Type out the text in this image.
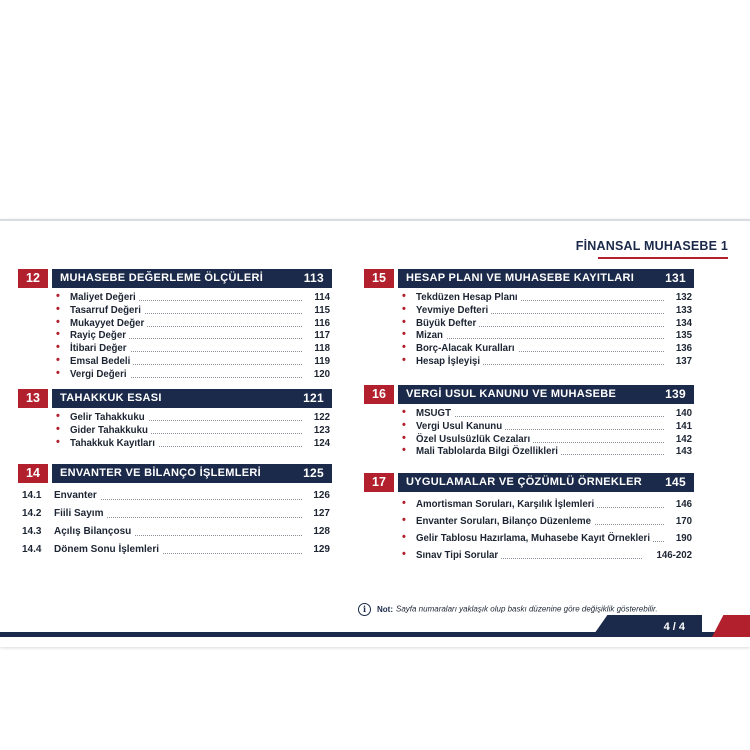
FİNANSAL MUHASEBE 1
12	MUHASEBE DEĞERLEME ÖLÇÜLERİ	113
• Maliyet Değeri	114
• Tasarruf Değeri	115
• Mukayyet Değer	116
• Rayiç Değer	117
• İtibari Değer	118
• Emsal Bedeli	119
• Vergi Değeri	120
13	TAHAKKUK ESASI	121
• Gelir Tahakkuku	122
• Gider Tahakkuku	123
• Tahakkuk Kayıtları	124
14	ENVANTER VE BİLANÇO İŞLEMLERİ	125
14.1 Envanter	126
14.2 Fiili Sayım	127
14.3 Açılış Bilançosu	128
14.4 Dönem Sonu İşlemleri	129
15	HESAP PLANI VE MUHASEBE KAYITLARI	131
• Tekdüzen Hesap Planı	132
• Yevmiye Defteri	133
• Büyük Defter	134
• Mizan	135
• Borç-Alacak Kuralları	136
• Hesap İşleyişi	137
16	VERGİ USUL KANUNU VE MUHASEBE	139
• MSUGT	140
• Vergi Usul Kanunu	141
• Özel Usulsüzlük Cezaları	142
• Mali Tablolarda Bilgi Özellikleri	143
17	UYGULAMALAR VE ÇÖZÜMLÜ ÖRNEKLER 145
• Amortisman Soruları, Karşılık İşlemleri	146
• Envanter Soruları, Bilanço Düzenleme	170
• Gelir Tablosu Hazırlama, Muhasebe Kayıt Örnekleri	190
• Sınav Tipi Sorular	146-202
i Not: Sayfa numaraları yaklaşık olup baskı düzenine göre değişiklik gösterebilir.
4 / 4
